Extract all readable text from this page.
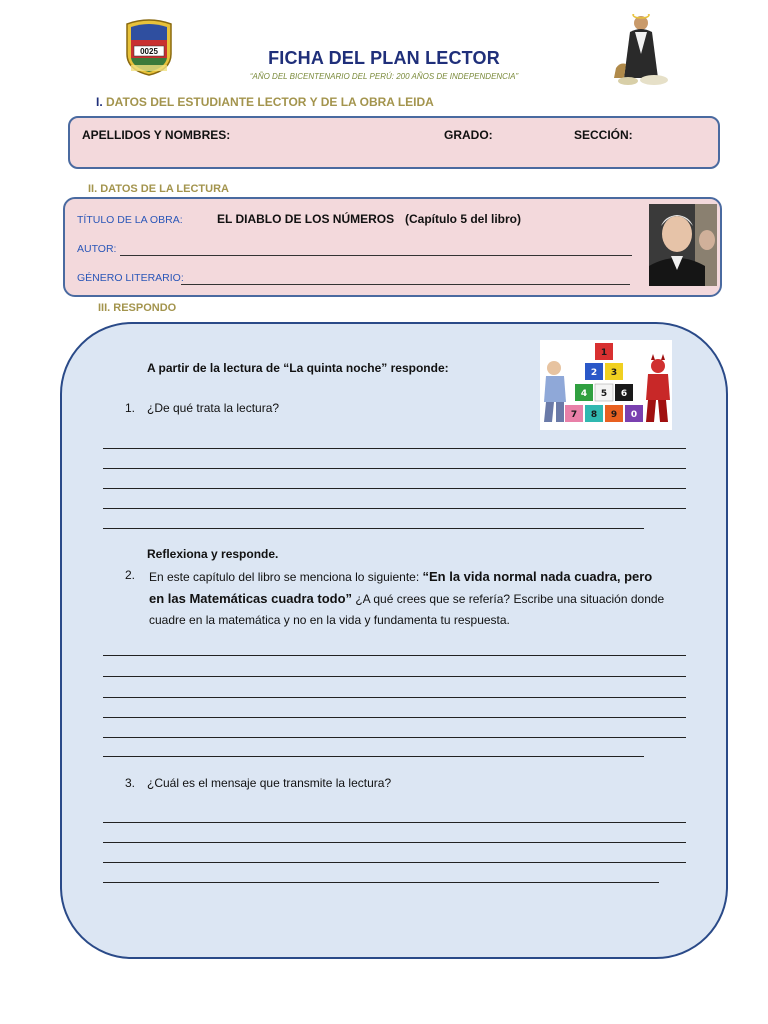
0025	FICHA DEL PLAN LECTOR
“AÑO DEL BICENTENARIO DEL PERÚ: 200 AÑOS DE INDEPENDENCIA”
I. DATOS DEL ESTUDIANTE LECTOR Y DE LA OBRA LEIDA
APELLIDOS Y NOMBRES:	GRADO:	SECCIÓN:
II. DATOS DE LA LECTURA
TÍTULO DE LA OBRA:	EL DIABLO DE LOS NÚMEROS (Capítulo 5 del libro)
AUTOR:
GÉNERO LITERARIO:
III. RESPONDO
1
2 3
4 5 6
7 8 9 0
A partir de la lectura de “La quinta noche” responde:
1. ¿De qué trata la lectura?
Reflexiona y responde.
2. En este capítulo del libro se menciona lo siguiente: “En la vida normal nada cuadra, pero
en las Matemáticas cuadra todo” ¿A qué crees que se refería? Escribe una situación donde
cuadre en la matemática y no en la vida y fundamenta tu respuesta.
3. ¿Cuál es el mensaje que transmite la lectura?
